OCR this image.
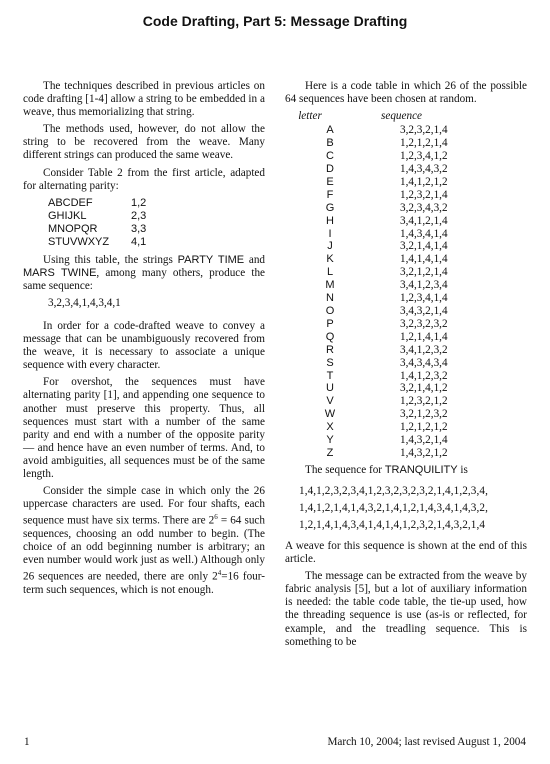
Code Drafting, Part 5: Message Drafting

The techniques described in previous articles on code drafting [1-4] allow a string to be embedded in a weave, thus memorializing that string.

The methods used, however, do not allow the string to be recovered from the weave. Many different strings can produced the same weave.

Consider Table 2 from the first article, adapted for alternating parity:

ABCDEF	1,2
GHIJKL	2,3
MNOPQR	3,3
STUVWXYZ	4,1

Using this table, the strings PARTY TIME and MARS TWINE, among many others, produce the same sequence:

3,2,3,4,1,4,3,4,1

In order for a code-drafted weave to convey a message that can be unambiguously recovered from the weave, it is necessary to associate a unique sequence with every character.

For overshot, the sequences must have alternating parity [1], and appending one sequence to another must preserve this property. Thus, all sequences must start with a number of the same parity and end with a number of the opposite parity — and hence have an even number of terms. And, to avoid ambiguities, all sequences must be of the same length.

Consider the simple case in which only the 26 uppercase characters are used. For four shafts, each sequence must have six terms. There are $2^6 = 64$ such sequences, choosing an odd number to begin. (The choice of an odd beginning number is arbitrary; an even number would work just as well.) Although only 26 sequences are needed, there are only $2^4=16$ four-term such sequences, which is not enough.

Here is a code table in which 26 of the possible 64 sequences have been chosen at random.

letter	sequence
A	3,2,3,2,1,4
B	1,2,1,2,1,4
C	1,2,3,4,1,2
D	1,4,3,4,3,2
E	1,4,1,2,1,2
F	1,2,3,2,1,4
G	3,2,3,4,3,2
H	3,4,1,2,1,4
I	1,4,3,4,1,4
J	3,2,1,4,1,4
K	1,4,1,4,1,4
L	3,2,1,2,1,4
M	3,4,1,2,3,4
N	1,2,3,4,1,4
O	3,4,3,2,1,4
P	3,2,3,2,3,2
Q	1,2,1,4,1,4
R	3,4,1,2,3,2
S	3,4,3,4,3,4
T	1,4,1,2,3,2
U	3,2,1,4,1,2
V	1,2,3,2,1,2
W	3,2,1,2,3,2
X	1,2,1,2,1,2
Y	1,4,3,2,1,4
Z	1,4,3,2,1,2

The sequence for TRANQUILITY is

1,4,1,2,3,2,3,4,1,2,3,2,3,2,3,2,1,4,1,2,3,4,
1,4,1,2,1,4,1,4,3,2,1,4,1,2,1,4,3,4,1,4,3,2,
1,2,1,4,1,4,3,4,1,4,1,4,1,2,3,2,1,4,3,2,1,4

A weave for this sequence is shown at the end of this article.

The message can be extracted from the weave by fabric analysis [5], but a lot of auxiliary information is needed: the table code table, the tie-up used, how the threading sequence is use (as-is or reflected, for example, and the treadling sequence. This is something to be

1	March 10, 2004; last revised August 1, 2004
